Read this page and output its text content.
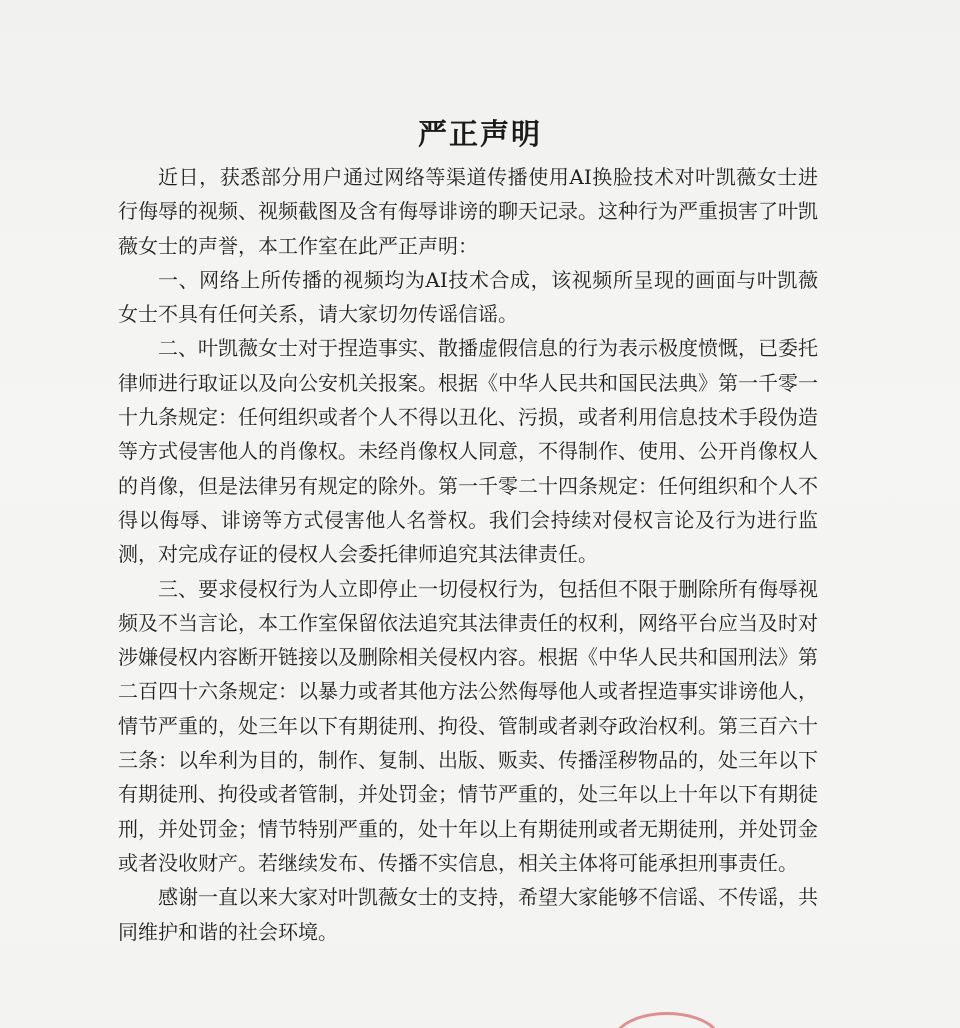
严正声明

近日，获悉部分用户通过网络等渠道传播使用AI换脸技术对叶凯薇女士进行侮辱的视频、视频截图及含有侮辱诽谤的聊天记录。这种行为严重损害了叶凯薇女士的声誉，本工作室在此严正声明：

一、网络上所传播的视频均为AI技术合成，该视频所呈现的画面与叶凯薇女士不具有任何关系，请大家切勿传谣信谣。

二、叶凯薇女士对于捏造事实、散播虚假信息的行为表示极度愤慨，已委托律师进行取证以及向公安机关报案。根据《中华人民共和国民法典》第一千零一十九条规定：任何组织或者个人不得以丑化、污损，或者利用信息技术手段伪造等方式侵害他人的肖像权。未经肖像权人同意，不得制作、使用、公开肖像权人的肖像，但是法律另有规定的除外。第一千零二十四条规定：任何组织和个人不得以侮辱、诽谤等方式侵害他人名誉权。我们会持续对侵权言论及行为进行监测，对完成存证的侵权人会委托律师追究其法律责任。

三、要求侵权行为人立即停止一切侵权行为，包括但不限于删除所有侮辱视频及不当言论，本工作室保留依法追究其法律责任的权利，网络平台应当及时对涉嫌侵权内容断开链接以及删除相关侵权内容。根据《中华人民共和国刑法》第二百四十六条规定：以暴力或者其他方法公然侮辱他人或者捏造事实诽谤他人，情节严重的，处三年以下有期徒刑、拘役、管制或者剥夺政治权利。第三百六十三条：以牟利为目的，制作、复制、出版、贩卖、传播淫秽物品的，处三年以下有期徒刑、拘役或者管制，并处罚金；情节严重的，处三年以上十年以下有期徒刑，并处罚金；情节特别严重的，处十年以上有期徒刑或者无期徒刑，并处罚金或者没收财产。若继续发布、传播不实信息，相关主体将可能承担刑事责任。

感谢一直以来大家对叶凯薇女士的支持，希望大家能够不信谣、不传谣，共同维护和谐的社会环境。
